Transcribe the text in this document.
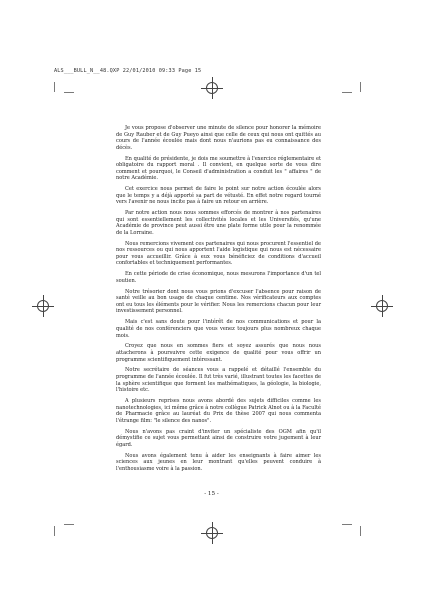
ALS___BULL_N__48.QXP 22/01/2010 09:33 Page 15

Je vous propose d'observer une minute de silence pour honorer la mémoire de Guy Rauber et de Guy Pueyo ainsi que celle de ceux qui nous ont quittés au cours de l'année écoulée mais dont nous n'aurions pas eu connaissance des décès.

En qualité de présidente, je dois me soumettre à l'exercice réglementaire et obligatoire du rapport moral . Il convient, en quelque sorte de vous dire comment et pourquoi, le Conseil d'administration a conduit les " affaires " de notre Académie.

Cet exercice nous permet de faire le point sur notre action écoulée alors que le temps y a déjà apporté sa part de vétusté. En effet notre regard tourné vers l'avenir ne nous incite pas à faire un retour en arrière.

Par notre action nous nous sommes efforcés de montrer à nos partenaires qui sont essentiellement les collectivités locales et les Universités, qu'une Académie de province peut aussi être une plate forme utile pour la renommée de la Lorraine.

Nous remercions vivement ces partenaires qui nous procurent l'essentiel de nos ressources ou qui nous apportent l'aide logistique qui nous est nécessaire pour vous accueillir. Grâce à eux vous bénéficiez de conditions d'accueil confortables et techniquement performantes.

En cette période de crise économique, nous mesurons l'importance d'un tel soutien.

Notre trésorier dont nous vous prions d'excuser l'absence pour raison de santé veille au bon usage de chaque centime. Nos vérificateurs aux comptes ont eu tous les éléments pour le vérifier. Nous les remercions chacun pour leur investissement personnel.

Mais c'est sans doute pour l'intérêt de nos communications et pour la qualité de nos conférenciers que vous venez toujours plus nombreux chaque mois.

Croyez que nous en sommes fiers et soyez assurés que nous nous attacherons à poursuivre cette exigence de qualité pour vous offrir un programme scientifiquement intéressant.

Notre secrétaire de séances vous a rappelé et détaillé l'ensemble du programme de l'année écoulée. Il fut très varié, illustrant toutes les facettes de la sphère scientifique que forment les mathématiques, la géologie, la biologie, l'histoire etc.

A plusieurs reprises nous avons abordé des sujets difficiles comme les nanotechnologies, ici même grâce à notre collègue Patrick Alnot ou à la Faculté de Pharmacie grâce au lauréat du Prix de thèse 2007 qui nous commenta l'étrange film: "le silence des nanos".

Nous n'avons pas craint d'inviter un spécialiste des OGM afin qu'il démystifie ce sujet vous permettant ainsi de construire votre jugement à leur égard.

Nous avons également tenu à aider les enseignants à faire aimer les sciences aux jeunes en leur montrant qu'elles peuvent conduire à l'enthousiasme voire à la passion.

- 15 -
